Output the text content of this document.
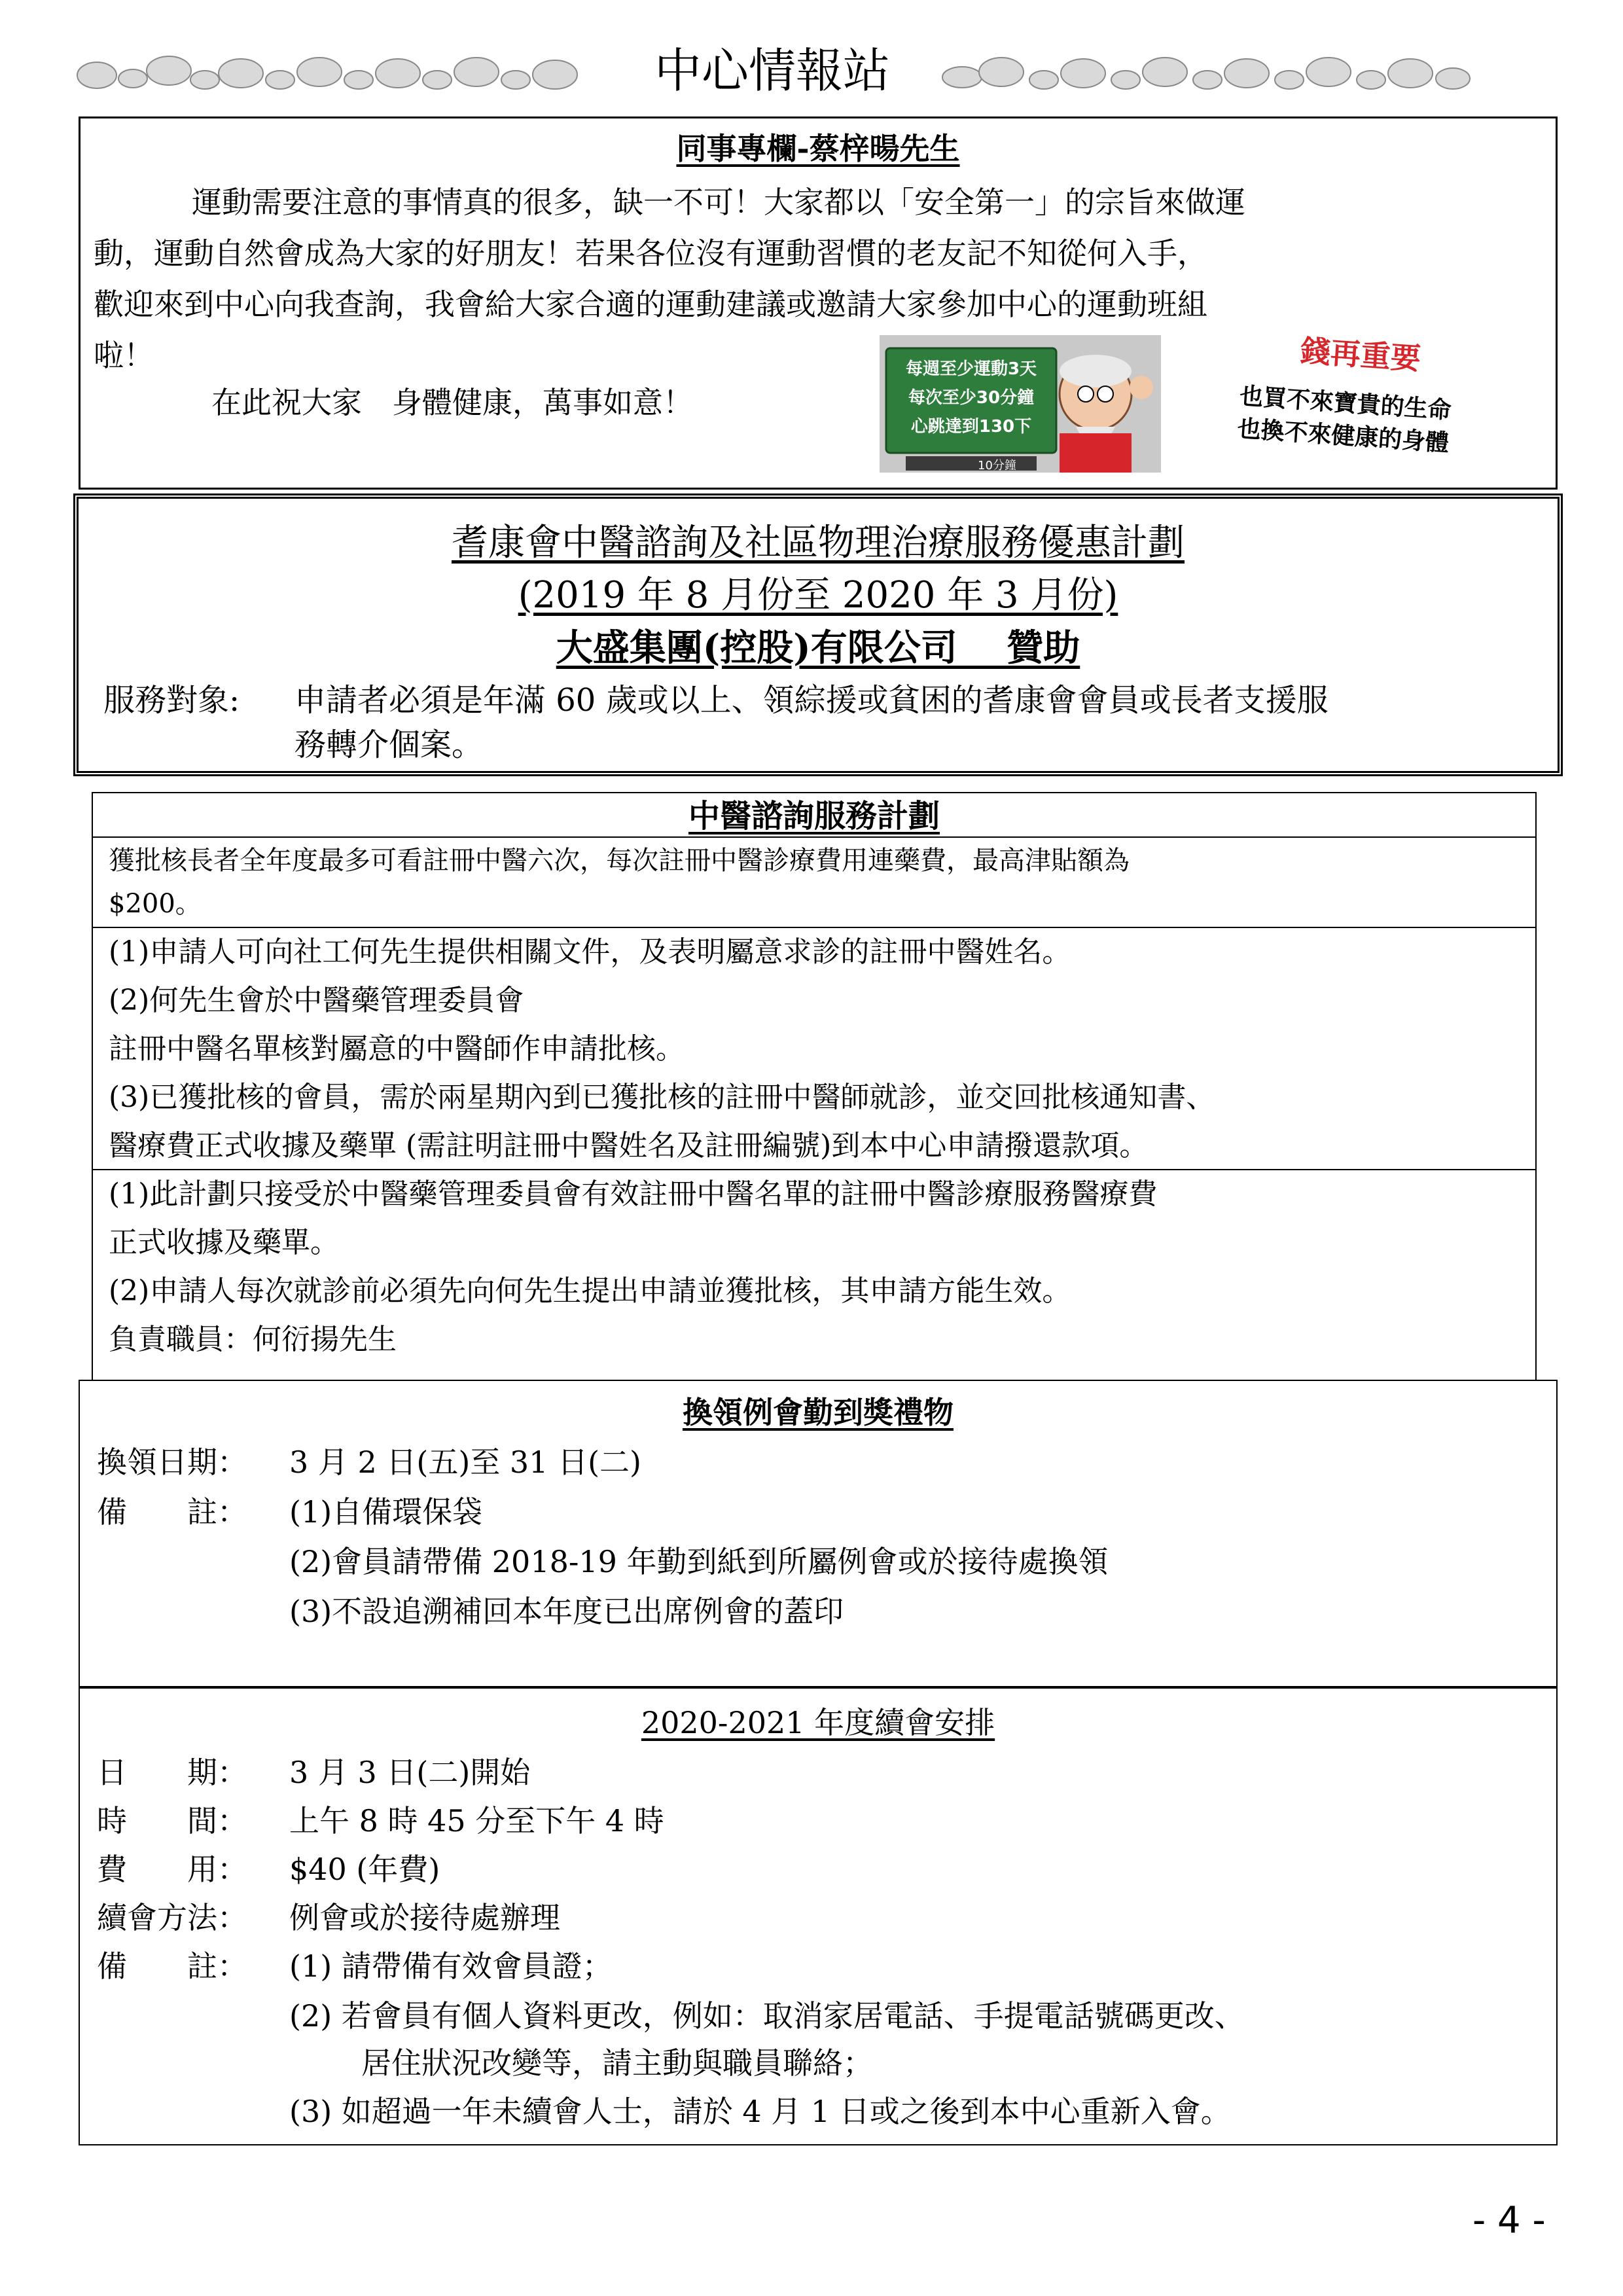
中心情報站
同事專欄-蔡梓暘先生
運動需要注意的事情真的很多，缺一不可！大家都以「安全第一」的宗旨來做運
動，運動自然會成為大家的好朋友！若果各位沒有運動習慣的老友記不知從何入手，
歡迎來到中心向我查詢，我會給大家合適的運動建議或邀請大家參加中心的運動班組
啦！
在此祝大家　身體健康，萬事如意！
每週至少運動3天
每次至少30分鐘
心跳達到130下
10分鐘
錢再重要
也買不來寶貴的生命
也換不來健康的身體
耆康會中醫諮詢及社區物理治療服務優惠計劃
(2019 年 8 月份至 2020 年 3 月份)
大盛集團(控股)有限公司　 贊助
服務對象: 申請者必須是年滿 60 歲或以上、領綜援或貧困的耆康會會員或長者支援服
務轉介個案。
中醫諮詢服務計劃
獲批核長者全年度最多可看註冊中醫六次，每次註冊中醫診療費用連藥費，最高津貼額為
$200。
(1)申請人可向社工何先生提供相關文件，及表明屬意求診的註冊中醫姓名。
(2)何先生會於中醫藥管理委員會
註冊中醫名單核對屬意的中醫師作申請批核。
(3)已獲批核的會員，需於兩星期內到已獲批核的註冊中醫師就診，並交回批核通知書、
醫療費正式收據及藥單 (需註明註冊中醫姓名及註冊編號)到本中心申請撥還款項。
(1)此計劃只接受於中醫藥管理委員會有效註冊中醫名單的註冊中醫診療服務醫療費
正式收據及藥單。
(2)申請人每次就診前必須先向何先生提出申請並獲批核，其申請方能生效。
負責職員：何衍揚先生
換領例會勤到獎禮物
換領日期： 3 月 2 日(五)至 31 日(二)
備　　註： (1)自備環保袋
(2)會員請帶備 2018-19 年勤到紙到所屬例會或於接待處換領
(3)不設追溯補回本年度已出席例會的蓋印
2020-2021 年度續會安排
日　　期： 3 月 3 日(二)開始
時　　間： 上午 8 時 45 分至下午 4 時
費　　用： $40 (年費)
續會方法： 例會或於接待處辦理
備　　註： (1) 請帶備有效會員證；
(2) 若會員有個人資料更改，例如：取消家居電話、手提電話號碼更改、
居住狀況改變等，請主動與職員聯絡；
(3) 如超過一年未續會人士，請於 4 月 1 日或之後到本中心重新入會。
- 4 -
